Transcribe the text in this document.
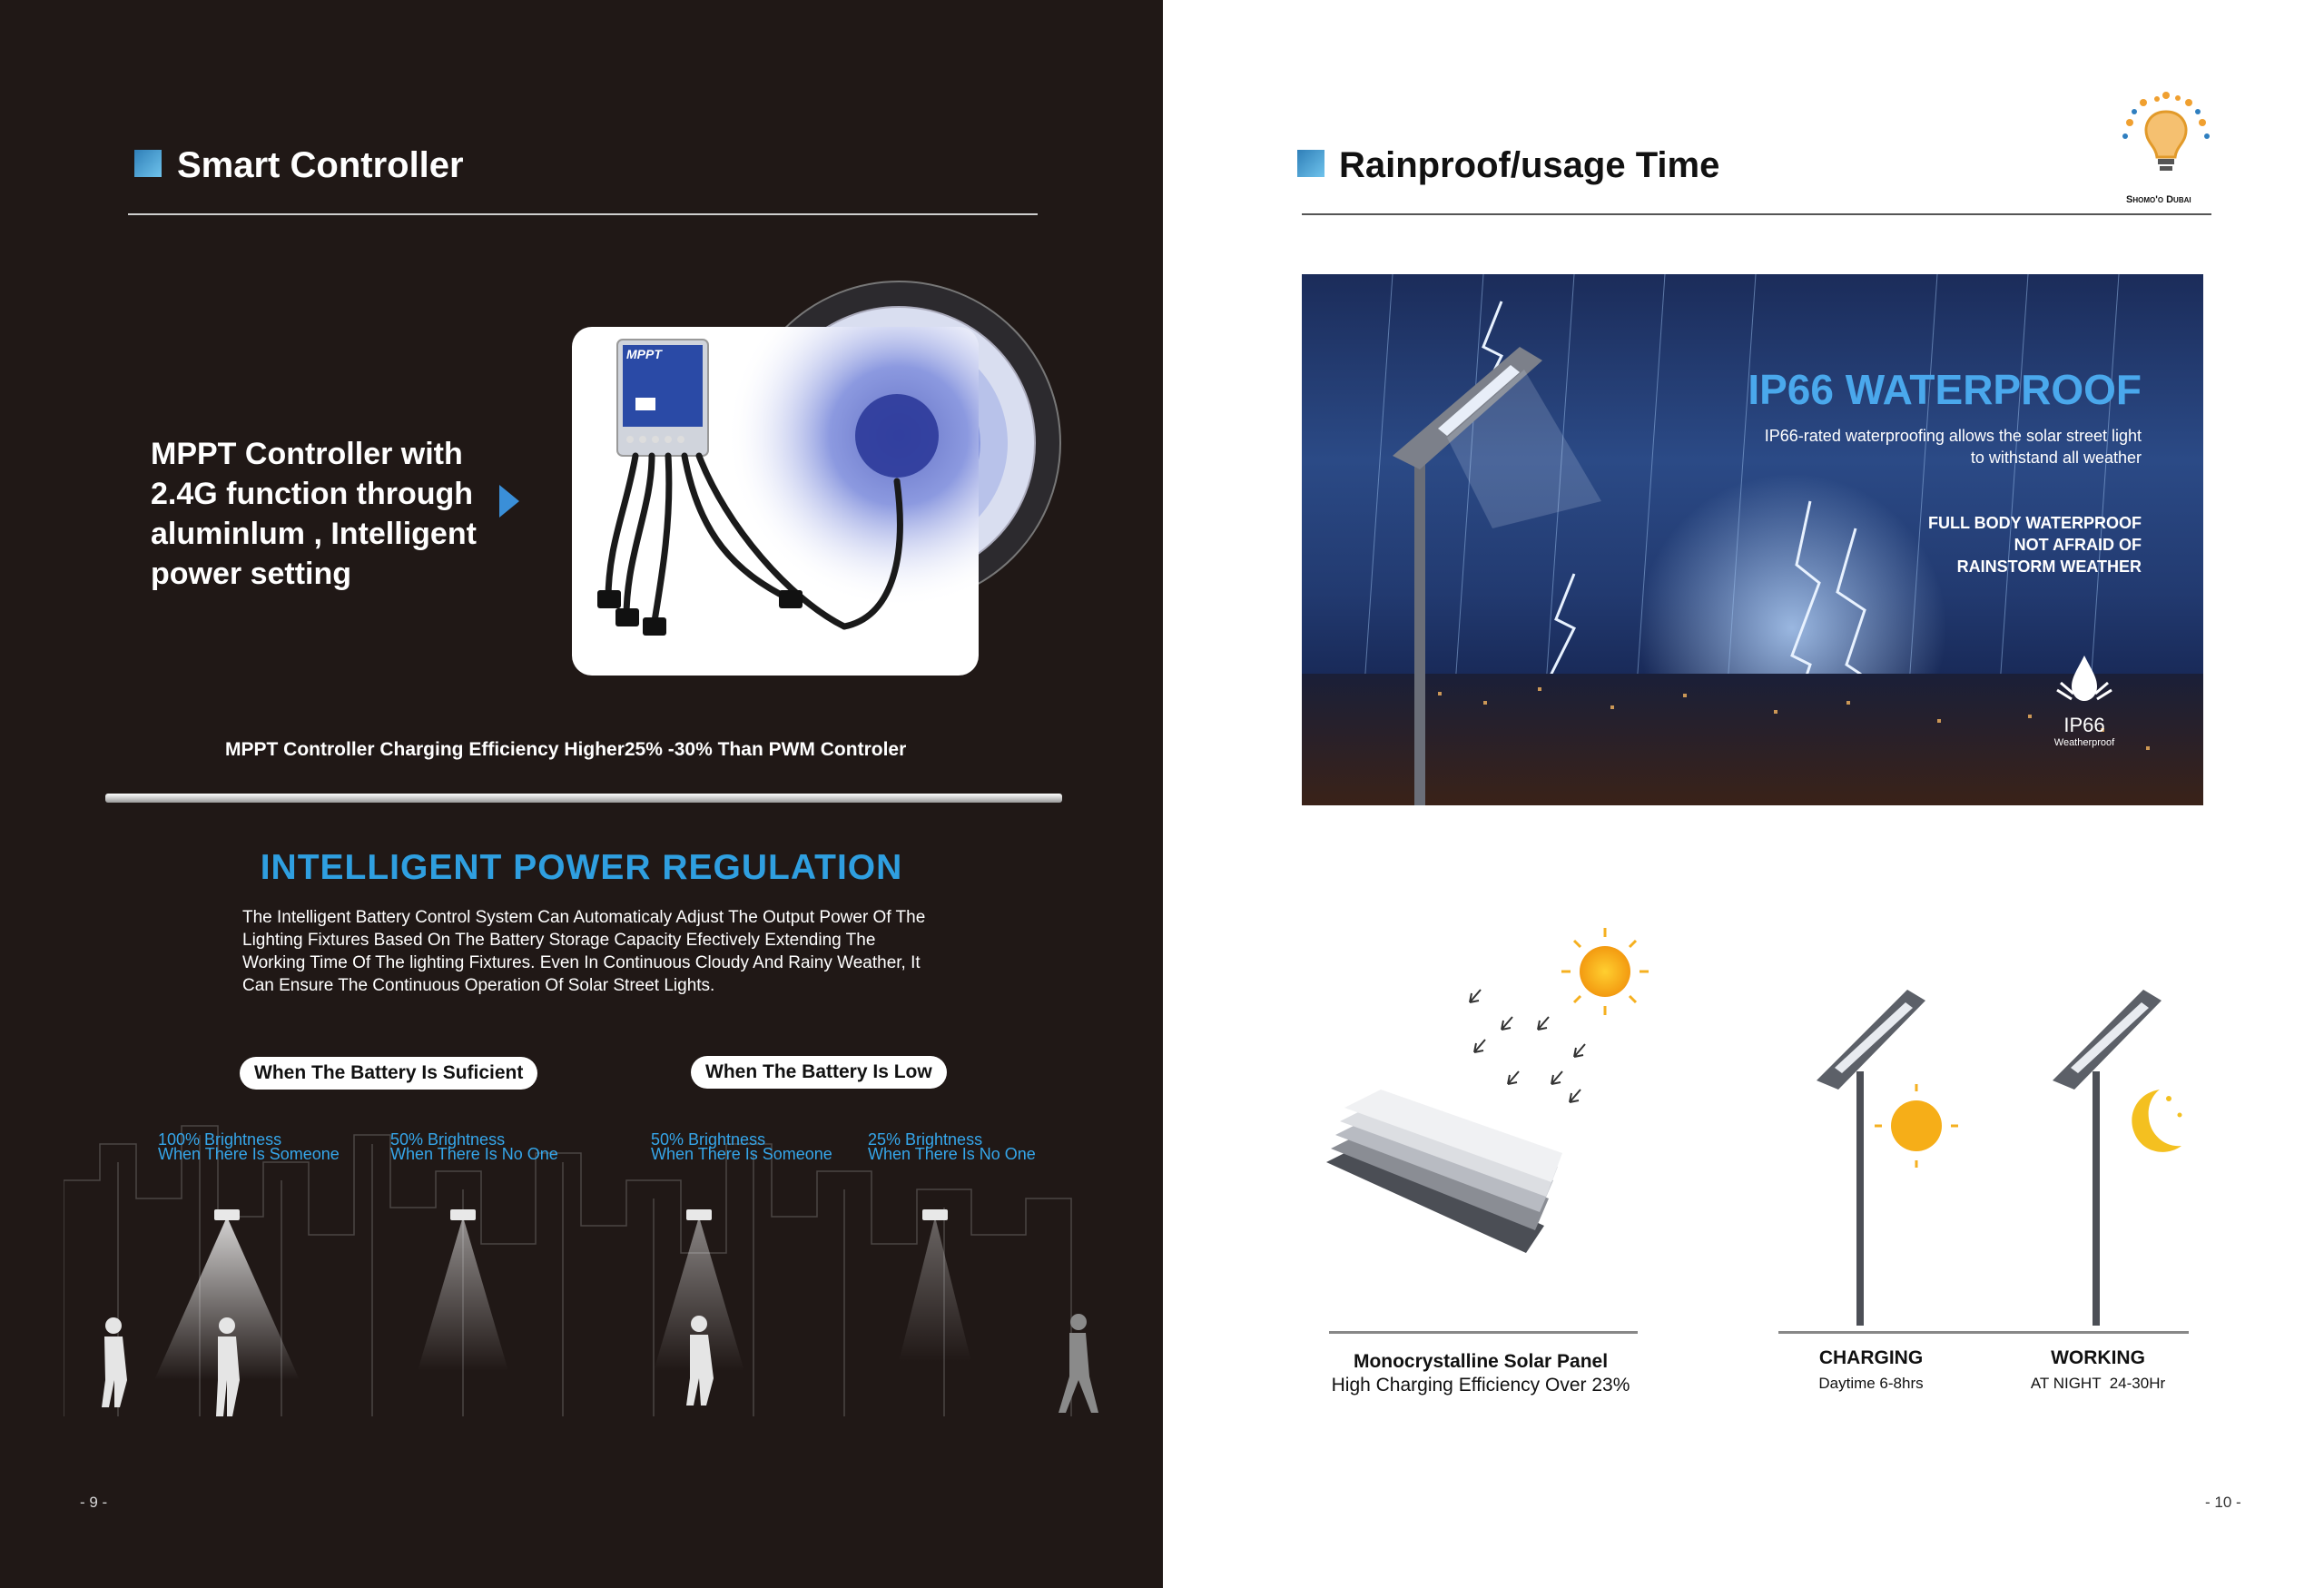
Smart Controller
MPPT Controller with 2.4G function through aluminlum , Intelligent power setting
MPPT
MPPT Controller Charging Efficiency Higher25% -30% Than PWM Controler
INTELLIGENT POWER REGULATION
The Intelligent Battery Control System Can Automaticaly Adjust The Output Power Of The Lighting Fixtures Based On The Battery Storage Capacity Efectively Extending The Working Time Of The lighting Fixtures. Even In Continuous Cloudy And Rainy Weather, It Can Ensure The Continuous Operation Of Solar Street Lights.
When The Battery Is Suficient	When The Battery Is Low
100% Brightness
When There Is Someone
50% Brightness
When There Is No One
50% Brightness
When There Is Someone
25% Brightness
When There Is No One
- 9 -
Rainproof/usage Time
Shomo'o Dubai
IP66 WATERPROOF
IP66-rated waterproofing allows the solar street light to withstand all weather
FULL BODY WATERPROOF
NOT AFRAID OF
RAINSTORM WEATHER
IP66
Weatherproof
Monocrystalline Solar Panel
High Charging Efficiency Over 23%
CHARGING
Daytime 6-8hrs
WORKING
AT NIGHT  24-30Hr
- 10 -
